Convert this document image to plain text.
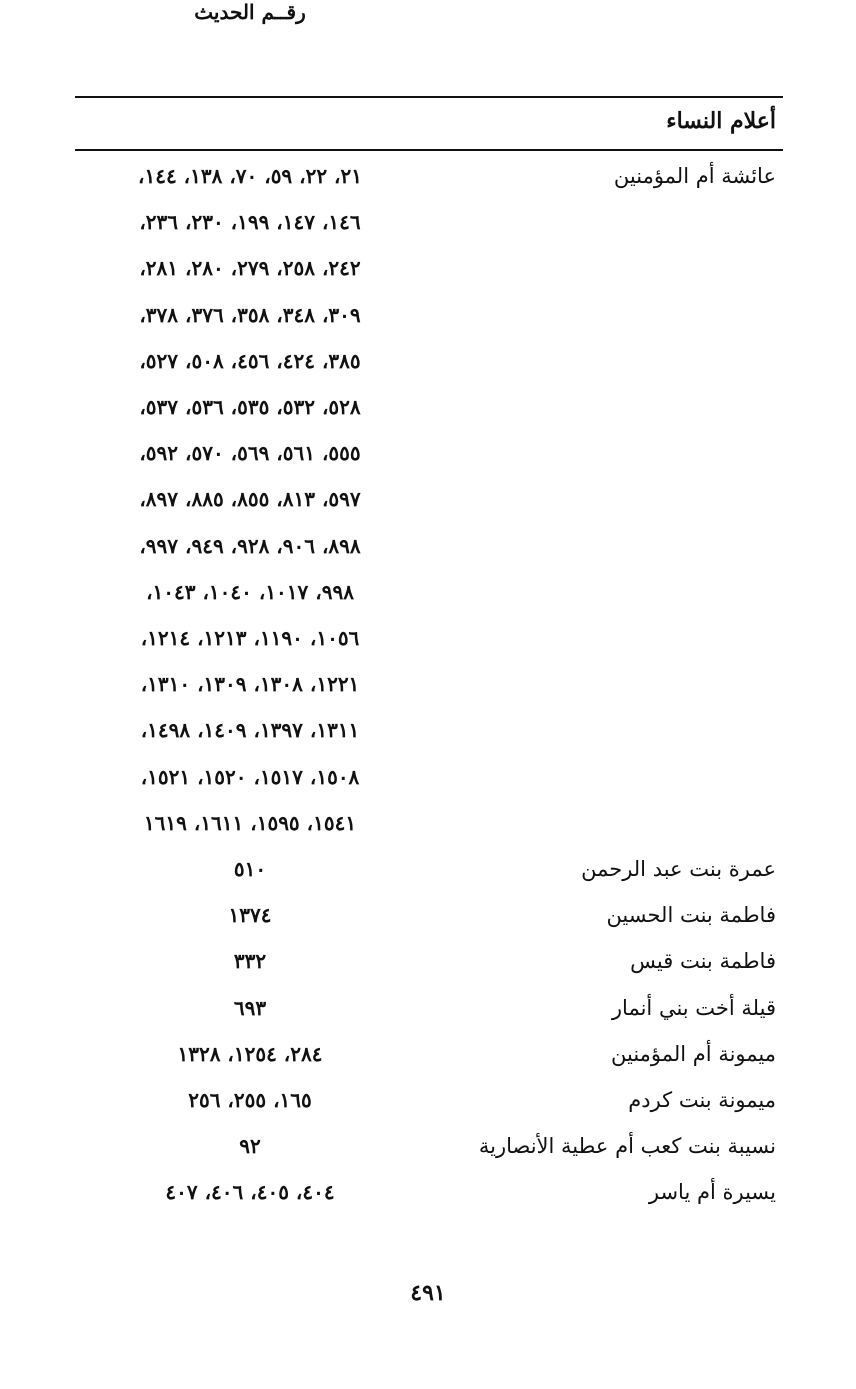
أعلام النساء
رقــم الحديث
عائشة أم المؤمنين
٢١، ٢٢، ٥٩، ٧٠، ١٣٨، ١٤٤،
١٤٦، ١٤٧، ١٩٩، ٢٣٠، ٢٣٦،
٢٤٢، ٢٥٨، ٢٧٩، ٢٨٠، ٢٨١،
٣٠٩، ٣٤٨، ٣٥٨، ٣٧٦، ٣٧٨،
٣٨٥، ٤٢٤، ٤٥٦، ٥٠٨، ٥٢٧،
٥٢٨، ٥٣٢، ٥٣٥، ٥٣٦، ٥٣٧،
٥٥٥، ٥٦١، ٥٦٩، ٥٧٠، ٥٩٢،
٥٩٧، ٨١٣، ٨٥٥، ٨٨٥، ٨٩٧،
٨٩٨، ٩٠٦، ٩٢٨، ٩٤٩، ٩٩٧،
٩٩٨، ١٠١٧، ١٠٤٠، ١٠٤٣،
١٠٥٦، ١١٩٠، ١٢١٣، ١٢١٤،
١٢٢١، ١٣٠٨، ١٣٠٩، ١٣١٠،
١٣١١، ١٣٩٧، ١٤٠٩، ١٤٩٨،
١٥٠٨، ١٥١٧، ١٥٢٠، ١٥٢١،
١٥٤١، ١٥٩٥، ١٦١١، ١٦١٩
عمرة بنت عبد الرحمن
٥١٠
فاطمة بنت الحسين
١٣٧٤
فاطمة بنت قيس
٣٣٢
قيلة أخت بني أنمار
٦٩٣
ميمونة أم المؤمنين
٢٨٤، ١٢٥٤، ١٣٢٨
ميمونة بنت كردم
١٦٥، ٢٥٥، ٢٥٦
نسيبة بنت كعب أم عطية الأنصارية
٩٢
يسيرة أم ياسر
٤٠٤، ٤٠٥، ٤٠٦، ٤٠٧
٤٩١
